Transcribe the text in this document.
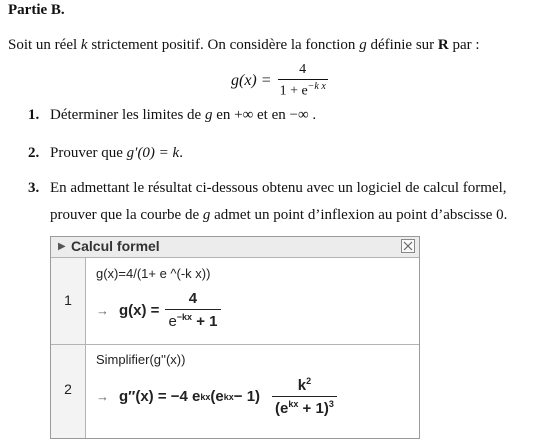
Partie B.
Soit un réel k strictement positif. On considère la fonction g définie sur R par :
$g(x) = \frac{4}{1 + e^{-k x}}$
1. Déterminer les limites de g en +∞ et en −∞ .
2. Prouver que g′(0) = k.
3. En admettant le résultat ci-dessous obtenu avec un logiciel de calcul formel,
prouver que la courbe de g admet un point d’inflexion au point d’abscisse 0.
▶ Calcul formel
1
g(x)=4/(1+ e ^(-k x))
→ $g(x) = \frac{4}{e^{-kx} + 1}$
2
Simplifier(g''(x))
→ g″(x) = −4 e kx (e kx − $1) \frac{k^2}{(e^{kx} + 1)^3}$
